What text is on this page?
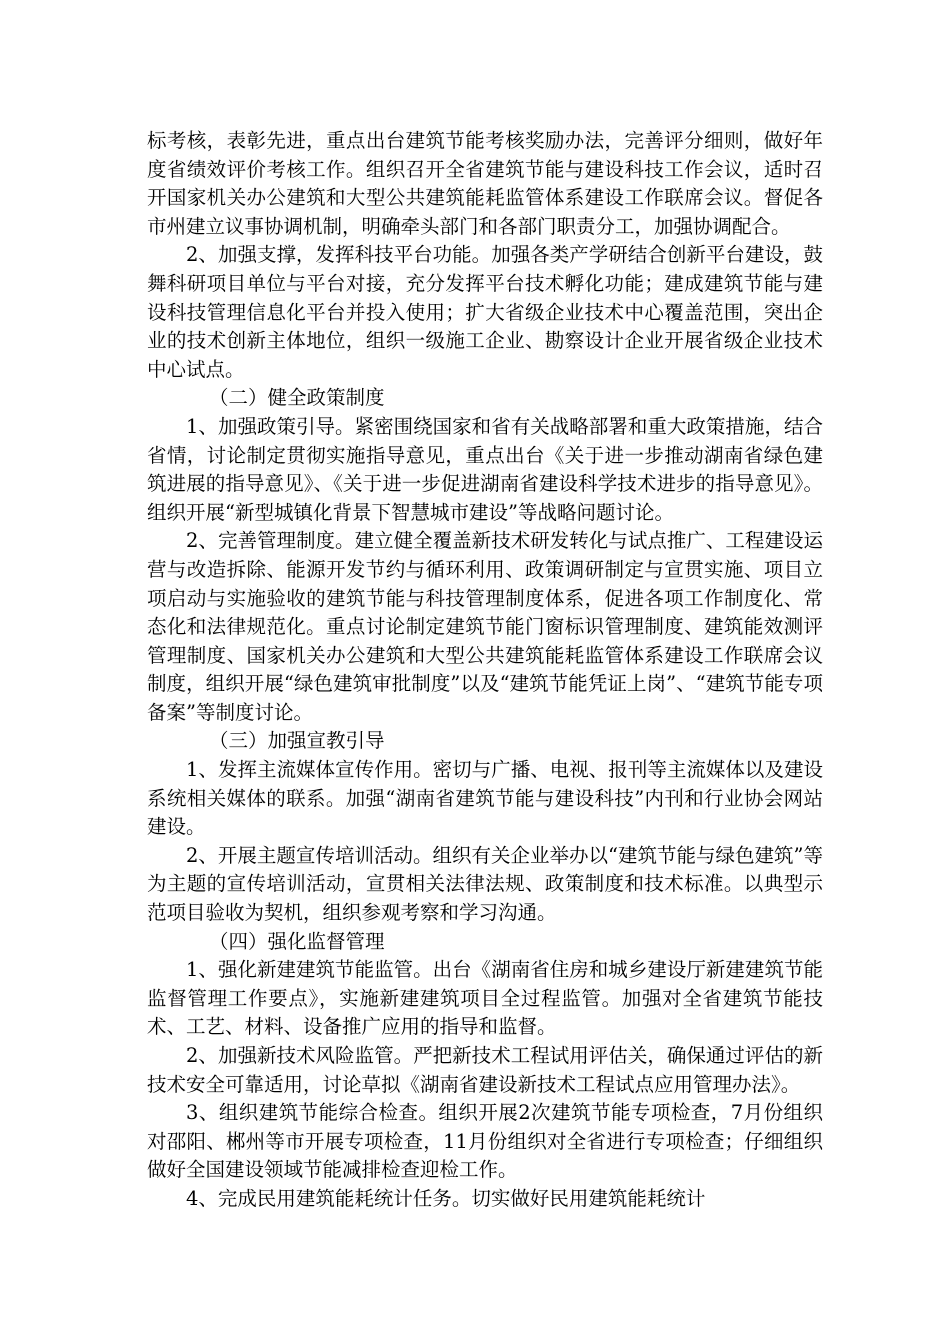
标考核，表彰先进，重点出台建筑节能考核奖励办法，完善评分细则，做好年度省绩效评价考核工作。组织召开全省建筑节能与建设科技工作会议，适时召开国家机关办公建筑和大型公共建筑能耗监管体系建设工作联席会议。督促各市州建立议事协调机制，明确牵头部门和各部门职责分工，加强协调配合。

2、加强支撑，发挥科技平台功能。加强各类产学研结合创新平台建设，鼓舞科研项目单位与平台对接，充分发挥平台技术孵化功能；建成建筑节能与建设科技管理信息化平台并投入使用；扩大省级企业技术中心覆盖范围，突出企业的技术创新主体地位，组织一级施工企业、勘察设计企业开展省级企业技术中心试点。

（二）健全政策制度

1、加强政策引导。紧密围绕国家和省有关战略部署和重大政策措施，结合省情，讨论制定贯彻实施指导意见，重点出台《关于进一步推动湖南省绿色建筑进展的指导意见》、《关于进一步促进湖南省建设科学技术进步的指导意见》。组织开展“新型城镇化背景下智慧城市建设”等战略问题讨论。

2、完善管理制度。建立健全覆盖新技术研发转化与试点推广、工程建设运营与改造拆除、能源开发节约与循环利用、政策调研制定与宣贯实施、项目立项启动与实施验收的建筑节能与科技管理制度体系，促进各项工作制度化、常态化和法律规范化。重点讨论制定建筑节能门窗标识管理制度、建筑能效测评管理制度、国家机关办公建筑和大型公共建筑能耗监管体系建设工作联席会议制度，组织开展“绿色建筑审批制度”以及“建筑节能凭证上岗”、“建筑节能专项备案”等制度讨论。

（三）加强宣教引导

1、发挥主流媒体宣传作用。密切与广播、电视、报刊等主流媒体以及建设系统相关媒体的联系。加强“湖南省建筑节能与建设科技”内刊和行业协会网站建设。

2、开展主题宣传培训活动。组织有关企业举办以“建筑节能与绿色建筑”等为主题的宣传培训活动，宣贯相关法律法规、政策制度和技术标准。以典型示范项目验收为契机，组织参观考察和学习沟通。

（四）强化监督管理

1、强化新建建筑节能监管。出台《湖南省住房和城乡建设厅新建建筑节能监督管理工作要点》，实施新建建筑项目全过程监管。加强对全省建筑节能技术、工艺、材料、设备推广应用的指导和监督。

2、加强新技术风险监管。严把新技术工程试用评估关，确保通过评估的新技术安全可靠适用，讨论草拟《湖南省建设新技术工程试点应用管理办法》。

3、组织建筑节能综合检查。组织开展2次建筑节能专项检查，7月份组织对邵阳、郴州等市开展专项检查，11月份组织对全省进行专项检查；仔细组织做好全国建设领域节能减排检查迎检工作。

4、完成民用建筑能耗统计任务。切实做好民用建筑能耗统计
